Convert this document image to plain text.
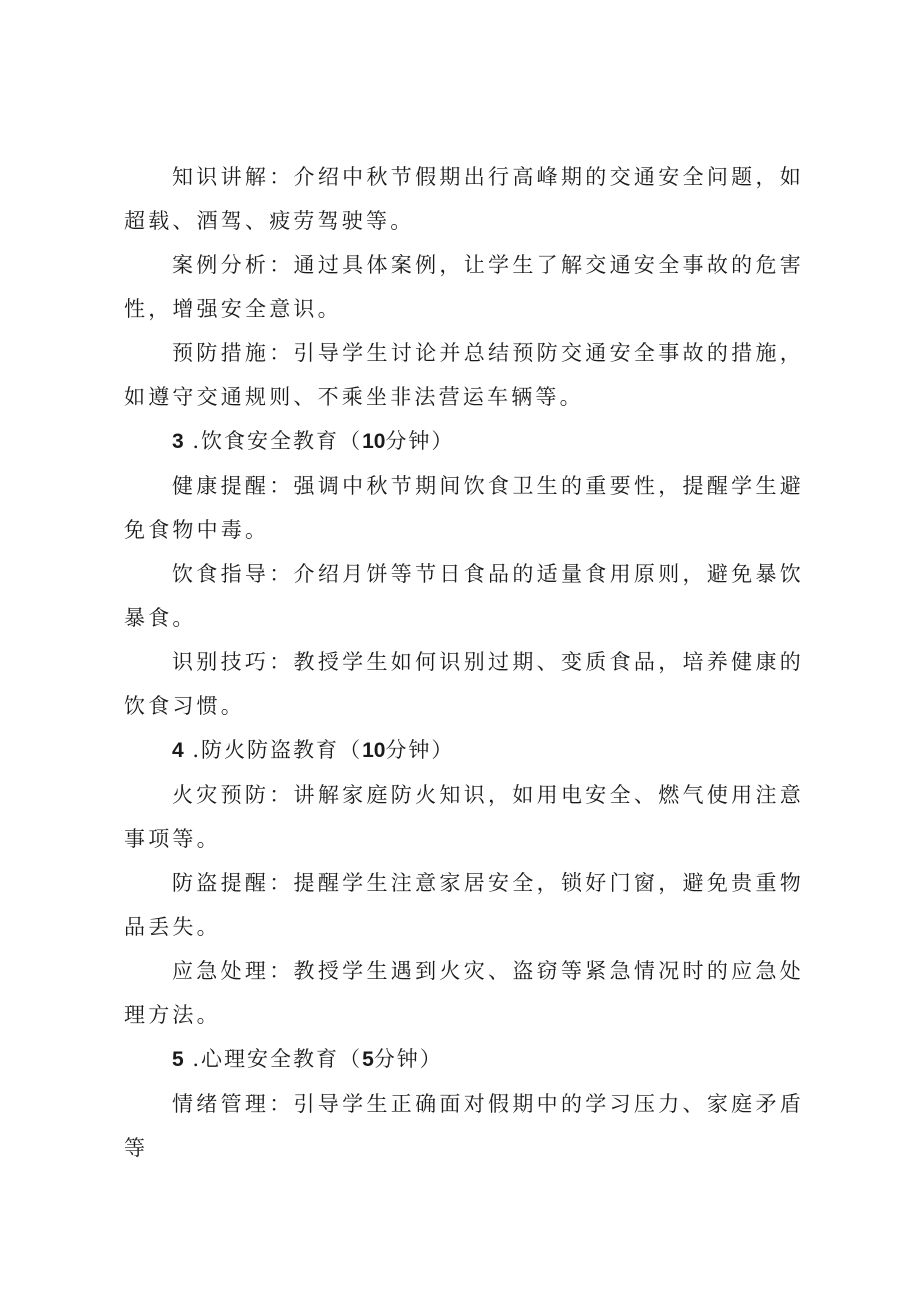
知识讲解：介绍中秋节假期出行高峰期的交通安全问题，如超载、酒驾、疲劳驾驶等。

案例分析：通过具体案例，让学生了解交通安全事故的危害性，增强安全意识。

预防措施：引导学生讨论并总结预防交通安全事故的措施，如遵守交通规则、不乘坐非法营运车辆等。

3 .饮食安全教育（10分钟）

健康提醒：强调中秋节期间饮食卫生的重要性，提醒学生避免食物中毒。

饮食指导：介绍月饼等节日食品的适量食用原则，避免暴饮暴食。

识别技巧：教授学生如何识别过期、变质食品，培养健康的饮食习惯。

4 .防火防盗教育（10分钟）

火灾预防：讲解家庭防火知识，如用电安全、燃气使用注意事项等。

防盗提醒：提醒学生注意家居安全，锁好门窗，避免贵重物品丢失。

应急处理：教授学生遇到火灾、盗窃等紧急情况时的应急处理方法。

5 .心理安全教育（5分钟）

情绪管理：引导学生正确面对假期中的学习压力、家庭矛盾等
